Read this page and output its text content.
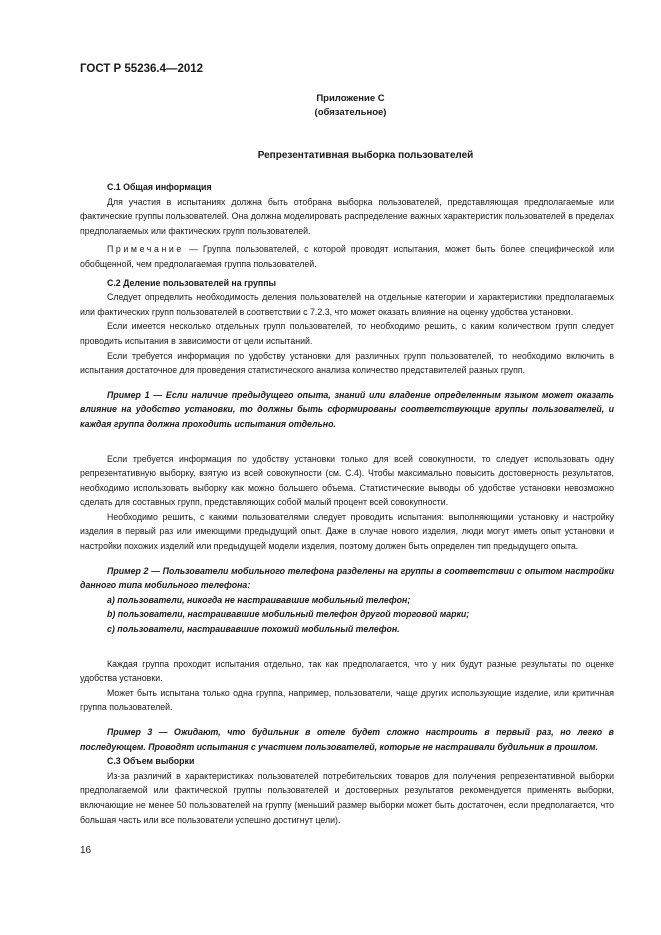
ГОСТ Р 55236.4—2012
Приложение С
(обязательное)
Репрезентативная выборка пользователей
С.1 Общая информация

Для участия в испытаниях должна быть отобрана выборка пользователей, представляющая предполагаемые или фактические группы пользователей. Она должна моделировать распределение важных характеристик пользователей в пределах предполагаемых или фактических групп пользователей.

Примечание — Группа пользователей, с которой проводят испытания, может быть более специфической или обобщенной, чем предполагаемая группа пользователей.

С.2 Деление пользователей на группы

Следует определить необходимость деления пользователей на отдельные категории и характеристики предполагаемых или фактических групп пользователей в соответствии с 7.2.3, что может оказать влияние на оценку удобства установки.

Если имеется несколько отдельных групп пользователей, то необходимо решить, с каким количеством групп следует проводить испытания в зависимости от цели испытаний.

Если требуется информация по удобству установки для различных групп пользователей, то необходимо включить в испытания достаточное для проведения статистического анализа количество представителей разных групп.

Пример 1 — Если наличие предыдущего опыта, знаний или владение определенным языком может оказать влияние на удобство установки, то должны быть сформированы соответствующие группы пользователей, и каждая группа должна проходить испытания отдельно.

Если требуется информация по удобству установки только для всей совокупности, то следует использовать одну репрезентативную выборку, взятую из всей совокупности (см. С.4). Чтобы максимально повысить достоверность результатов, необходимо использовать выборку как можно большего объема. Статистические выводы об удобстве установки невозможно сделать для составных групп, представляющих собой малый процент всей совокупности.

Необходимо решить, с какими пользователями следует проводить испытания: выполняющими установку и настройку изделия в первый раз или имеющими предыдущий опыт. Даже в случае нового изделия, люди могут иметь опыт установки и настройки похожих изделий или предыдущей модели изделия, поэтому должен быть определен тип предыдущего опыта.

Пример 2 — Пользователи мобильного телефона разделены на группы в соответствии с опытом настройки данного типа мобильного телефона:

a) пользователи, никогда не настраивавшие мобильный телефон;

b) пользователи, настраивавшие мобильный телефон другой торговой марки;

c) пользователи, настраивавшие похожий мобильный телефон.

Каждая группа проходит испытания отдельно, так как предполагается, что у них будут разные результаты по оценке удобства установки.

Может быть испытана только одна группа, например, пользователи, чаще других использующие изделие, или критичная группа пользователей.

Пример 3 — Ожидают, что будильник в отеле будет сложно настроить в первый раз, но легко в последующем. Проводят испытания с участием пользователей, которые не настраивали будильник в прошлом.

С.3 Объем выборки

Из-за различий в характеристиках пользователей потребительских товаров для получения репрезентативной выборки предполагаемой или фактической группы пользователей и достоверных результатов рекомендуется применять выборки, включающие не менее 50 пользователей на группу (меньший размер выборки может быть достаточен, если предполагается, что большая часть или все пользователи успешно достигнут цели).

16
